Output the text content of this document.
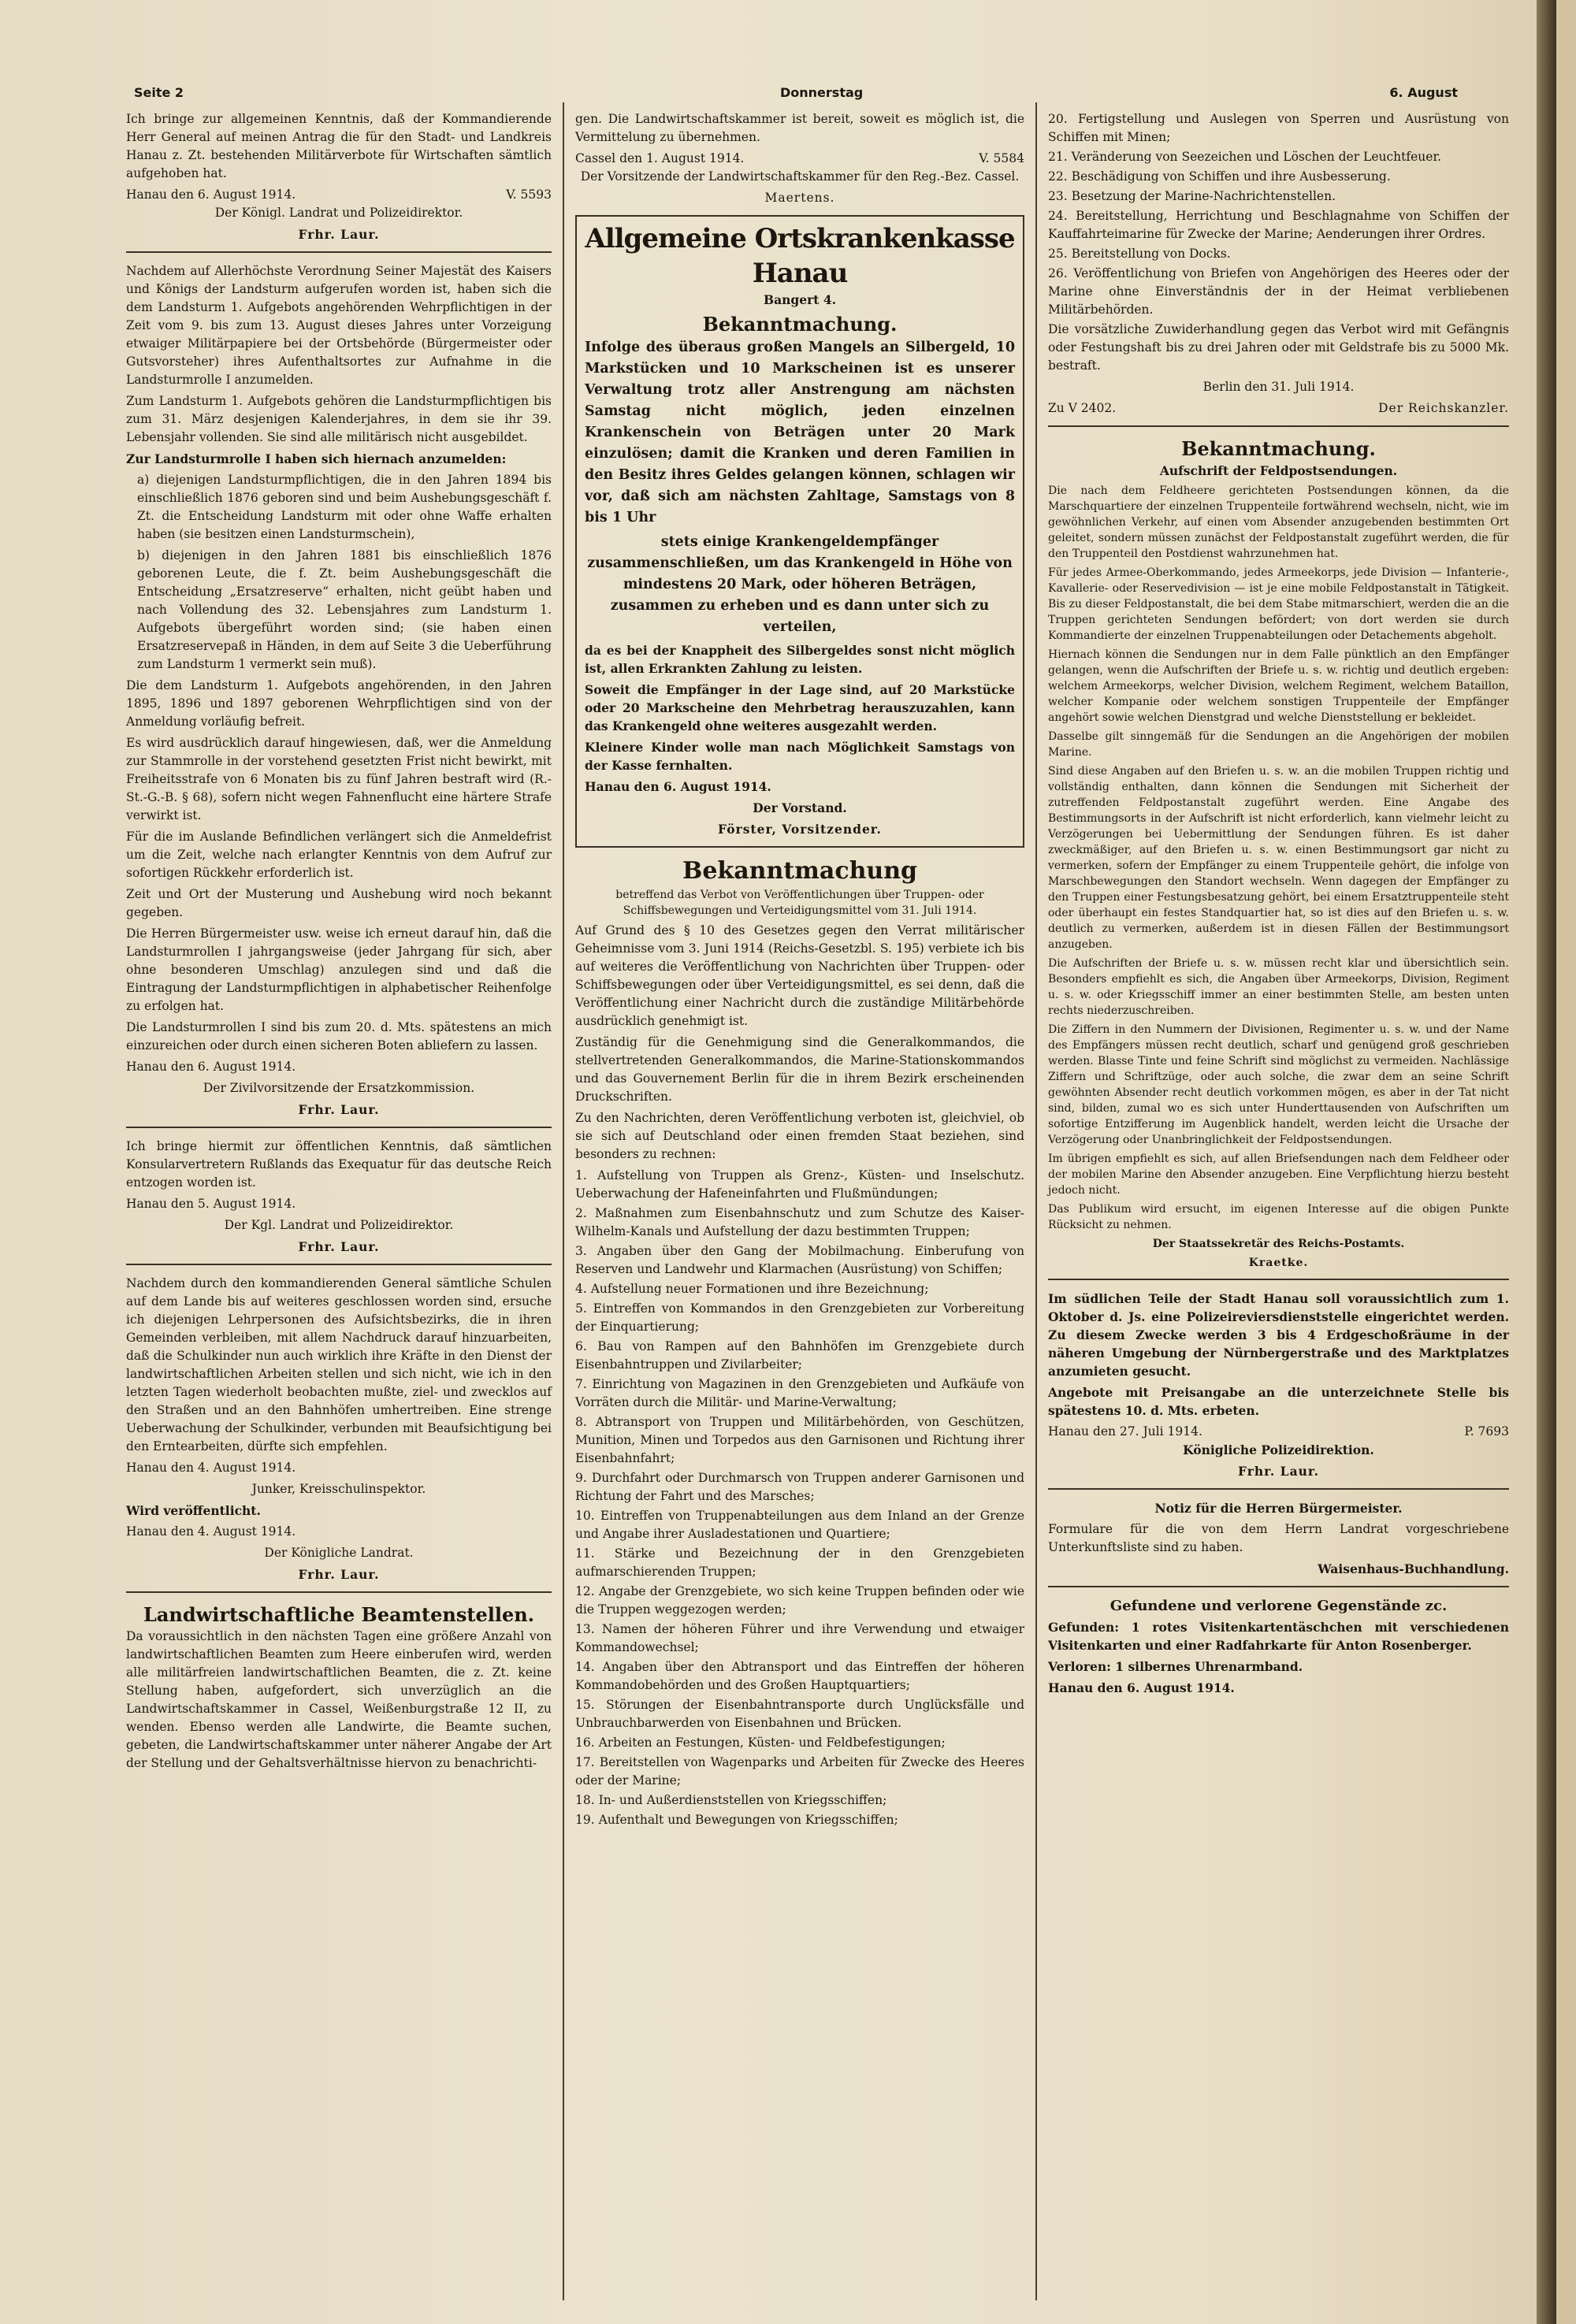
Seite 2	Donnerstag	6. August

Ich bringe zur allgemeinen Kenntnis, daß der Kommandierende Herr General auf meinen Antrag die für den Stadt- und Landkreis Hanau z. Zt. bestehenden Militärverbote für Wirtschaften sämtlich aufgehoben hat.

Hanau den 6. August 1914.	V. 5593

Der Königl. Landrat und Polizeidirektor.

Frhr. Laur.

Nachdem auf Allerhöchste Verordnung Seiner Majestät des Kaisers und Königs der Landsturm aufgerufen worden ist, haben sich die dem Landsturm 1. Aufgebots angehörenden Wehrpflichtigen in der Zeit vom 9. bis zum 13. August dieses Jahres unter Vorzeigung etwaiger Militärpapiere bei der Ortsbehörde (Bürgermeister oder Gutsvorsteher) ihres Aufenthaltsortes zur Aufnahme in die Landsturmrolle I anzumelden.

Zum Landsturm 1. Aufgebots gehören die Landsturmpflichtigen bis zum 31. März desjenigen Kalenderjahres, in dem sie ihr 39. Lebensjahr vollenden. Sie sind alle militärisch nicht ausgebildet.

Zur Landsturmrolle I haben sich hiernach anzumelden:

a) diejenigen Landsturmpflichtigen, die in den Jahren 1894 bis einschließlich 1876 geboren sind und beim Aushebungsgeschäft f. Zt. die Entscheidung Landsturm mit oder ohne Waffe erhalten haben (sie besitzen einen Landsturmschein),

b) diejenigen in den Jahren 1881 bis einschließlich 1876 geborenen Leute, die f. Zt. beim Aushebungsgeschäft die Entscheidung „Ersatzreserve“ erhalten, nicht geübt haben und nach Vollendung des 32. Lebensjahres zum Landsturm 1. Aufgebots übergeführt worden sind; (sie haben einen Ersatzreservepaß in Händen, in dem auf Seite 3 die Ueberführung zum Landsturm 1 vermerkt sein muß).

Die dem Landsturm 1. Aufgebots angehörenden, in den Jahren 1895, 1896 und 1897 geborenen Wehrpflichtigen sind von der Anmeldung vorläufig befreit.

Es wird ausdrücklich darauf hingewiesen, daß, wer die Anmeldung zur Stammrolle in der vorstehend gesetzten Frist nicht bewirkt, mit Freiheitsstrafe von 6 Monaten bis zu fünf Jahren bestraft wird (R.-St.-G.-B. § 68), sofern nicht wegen Fahnenflucht eine härtere Strafe verwirkt ist.

Für die im Auslande Befindlichen verlängert sich die Anmeldefrist um die Zeit, welche nach erlangter Kenntnis von dem Aufruf zur sofortigen Rückkehr erforderlich ist.

Zeit und Ort der Musterung und Aushebung wird noch bekannt gegeben.

Die Herren Bürgermeister usw. weise ich erneut darauf hin, daß die Landsturmrollen I jahrgangsweise (jeder Jahrgang für sich, aber ohne besonderen Umschlag) anzulegen sind und daß die Eintragung der Landsturmpflichtigen in alphabetischer Reihenfolge zu erfolgen hat.

Die Landsturmrollen I sind bis zum 20. d. Mts. spätestens an mich einzureichen oder durch einen sicheren Boten abliefern zu lassen.

Hanau den 6. August 1914.

Der Zivilvorsitzende der Ersatzkommission.

Frhr. Laur.

Ich bringe hiermit zur öffentlichen Kenntnis, daß sämtlichen Konsularvertretern Rußlands das Exequatur für das deutsche Reich entzogen worden ist.

Hanau den 5. August 1914.

Der Kgl. Landrat und Polizeidirektor.

Frhr. Laur.

Nachdem durch den kommandierenden General sämtliche Schulen auf dem Lande bis auf weiteres geschlossen worden sind, ersuche ich diejenigen Lehrpersonen des Aufsichtsbezirks, die in ihren Gemeinden verbleiben, mit allem Nachdruck darauf hinzuarbeiten, daß die Schulkinder nun auch wirklich ihre Kräfte in den Dienst der landwirtschaftlichen Arbeiten stellen und sich nicht, wie ich in den letzten Tagen wiederholt beobachten mußte, ziel- und zwecklos auf den Straßen und an den Bahnhöfen umhertreiben. Eine strenge Ueberwachung der Schulkinder, verbunden mit Beaufsichtigung bei den Erntearbeiten, dürfte sich empfehlen.

Hanau den 4. August 1914.

Junker, Kreisschulinspektor.

Wird veröffentlicht.

Hanau den 4. August 1914.

Der Königliche Landrat.

Frhr. Laur.

Landwirtschaftliche Beamtenstellen.

Da voraussichtlich in den nächsten Tagen eine größere Anzahl von landwirtschaftlichen Beamten zum Heere einberufen wird, werden alle militärfreien landwirtschaftlichen Beamten, die z. Zt. keine Stellung haben, aufgefordert, sich unverzüglich an die Landwirtschaftskammer in Cassel, Weißenburgstraße 12 II, zu wenden. Ebenso werden alle Landwirte, die Beamte suchen, gebeten, die Landwirtschaftskammer unter näherer Angabe der Art der Stellung und der Gehaltsverhältnisse hiervon zu benachrichti-

gen. Die Landwirtschaftskammer ist bereit, soweit es möglich ist, die Vermittelung zu übernehmen.

Cassel den 1. August 1914.	V. 5584

Der Vorsitzende der Landwirtschaftskammer für den Reg.-Bez. Cassel.

Maertens.

Allgemeine Ortskrankenkasse Hanau

Bangert 4.

Bekanntmachung.

Infolge des überaus großen Mangels an Silbergeld, 10 Markstücken und 10 Markscheinen ist es unserer Verwaltung trotz aller Anstrengung am nächsten Samstag nicht möglich, jeden einzelnen Krankenschein von Beträgen unter 20 Mark einzulösen; damit die Kranken und deren Familien in den Besitz ihres Geldes gelangen können, schlagen wir vor, daß sich am nächsten Zahltage, Samstags von 8 bis 1 Uhr

stets einige Krankengeldempfänger zusammenschließen, um das Krankengeld in Höhe von mindestens 20 Mark, oder höheren Beträgen, zusammen zu erheben und es dann unter sich zu verteilen,

da es bei der Knappheit des Silbergeldes sonst nicht möglich ist, allen Erkrankten Zahlung zu leisten.

Soweit die Empfänger in der Lage sind, auf 20 Markstücke oder 20 Markscheine den Mehrbetrag herauszuzahlen, kann das Krankengeld ohne weiteres ausgezahlt werden.

Kleinere Kinder wolle man nach Möglichkeit Samstags von der Kasse fernhalten.

Hanau den 6. August 1914.

Der Vorstand.

Förster, Vorsitzender.

Bekanntmachung

betreffend das Verbot von Veröffentlichungen über Truppen- oder Schiffsbewegungen und Verteidigungsmittel vom 31. Juli 1914.

Auf Grund des § 10 des Gesetzes gegen den Verrat militärischer Geheimnisse vom 3. Juni 1914 (Reichs-Gesetzbl. S. 195) verbiete ich bis auf weiteres die Veröffentlichung von Nachrichten über Truppen- oder Schiffsbewegungen oder über Verteidigungsmittel, es sei denn, daß die Veröffentlichung einer Nachricht durch die zuständige Militärbehörde ausdrücklich genehmigt ist.

Zuständig für die Genehmigung sind die Generalkommandos, die stellvertretenden Generalkommandos, die Marine-Stationskommandos und das Gouvernement Berlin für die in ihrem Bezirk erscheinenden Druckschriften.

Zu den Nachrichten, deren Veröffentlichung verboten ist, gleichviel, ob sie sich auf Deutschland oder einen fremden Staat beziehen, sind besonders zu rechnen:

1. Aufstellung von Truppen als Grenz-, Küsten- und Inselschutz. Ueberwachung der Hafeneinfahrten und Flußmündungen;
2. Maßnahmen zum Eisenbahnschutz und zum Schutze des Kaiser-Wilhelm-Kanals und Aufstellung der dazu bestimmten Truppen;
3. Angaben über den Gang der Mobilmachung. Einberufung von Reserven und Landwehr und Klarmachen (Ausrüstung) von Schiffen;
4. Aufstellung neuer Formationen und ihre Bezeichnung;
5. Eintreffen von Kommandos in den Grenzgebieten zur Vorbereitung der Einquartierung;
6. Bau von Rampen auf den Bahnhöfen im Grenzgebiete durch Eisenbahntruppen und Zivilarbeiter;
7. Einrichtung von Magazinen in den Grenzgebieten und Aufkäufe von Vorräten durch die Militär- und Marine-Verwaltung;
8. Abtransport von Truppen und Militärbehörden, von Geschützen, Munition, Minen und Torpedos aus den Garnisonen und Richtung ihrer Eisenbahnfahrt;
9. Durchfahrt oder Durchmarsch von Truppen anderer Garnisonen und Richtung der Fahrt und des Marsches;
10. Eintreffen von Truppenabteilungen aus dem Inland an der Grenze und Angabe ihrer Ausladestationen und Quartiere;
11. Stärke und Bezeichnung der in den Grenzgebieten aufmarschierenden Truppen;
12. Angabe der Grenzgebiete, wo sich keine Truppen befinden oder wie die Truppen weggezogen werden;
13. Namen der höheren Führer und ihre Verwendung und etwaiger Kommandowechsel;
14. Angaben über den Abtransport und das Eintreffen der höheren Kommandobehörden und des Großen Hauptquartiers;
15. Störungen der Eisenbahntransporte durch Unglücksfälle und Unbrauchbarwerden von Eisenbahnen und Brücken.
16. Arbeiten an Festungen, Küsten- und Feldbefestigungen;
17. Bereitstellen von Wagenparks und Arbeiten für Zwecke des Heeres oder der Marine;
18. In- und Außerdienststellen von Kriegsschiffen;
19. Aufenthalt und Bewegungen von Kriegsschiffen;
20. Fertigstellung und Auslegen von Sperren und Ausrüstung von Schiffen mit Minen;
21. Veränderung von Seezeichen und Löschen der Leuchtfeuer.
22. Beschädigung von Schiffen und ihre Ausbesserung.
23. Besetzung der Marine-Nachrichtenstellen.
24. Bereitstellung, Herrichtung und Beschlagnahme von Schiffen der Kauffahrteimarine für Zwecke der Marine; Aenderungen ihrer Ordres.
25. Bereitstellung von Docks.
26. Veröffentlichung von Briefen von Angehörigen des Heeres oder der Marine ohne Einverständnis der in der Heimat verbliebenen Militärbehörden.

Die vorsätzliche Zuwiderhandlung gegen das Verbot wird mit Gefängnis oder Festungshaft bis zu drei Jahren oder mit Geldstrafe bis zu 5000 Mk. bestraft.

Berlin den 31. Juli 1914.

Zu V 2402.	Der Reichskanzler.
Bekanntmachung.

Aufschrift der Feldpostsendungen.

Die nach dem Feldheere gerichteten Postsendungen können, da die Marschquartiere der einzelnen Truppenteile fortwährend wechseln, nicht, wie im gewöhnlichen Verkehr, auf einen vom Absender anzugebenden bestimmten Ort geleitet, sondern müssen zunächst der Feldpostanstalt zugeführt werden, die für den Truppenteil den Postdienst wahrzunehmen hat.

Für jedes Armee-Oberkommando, jedes Armeekorps, jede Division — Infanterie-, Kavallerie- oder Reservedivision — ist je eine mobile Feldpostanstalt in Tätigkeit. Bis zu dieser Feldpostanstalt, die bei dem Stabe mitmarschiert, werden die an die Truppen gerichteten Sendungen befördert; von dort werden sie durch Kommandierte der einzelnen Truppenabteilungen oder Detachements abgeholt.

Hiernach können die Sendungen nur in dem Falle pünktlich an den Empfänger gelangen, wenn die Aufschriften der Briefe u. s. w. richtig und deutlich ergeben: welchem Armeekorps, welcher Division, welchem Regiment, welchem Bataillon, welcher Kompanie oder welchem sonstigen Truppenteile der Empfänger angehört sowie welchen Dienstgrad und welche Dienststellung er bekleidet.

Dasselbe gilt sinngemäß für die Sendungen an die Angehörigen der mobilen Marine.

Sind diese Angaben auf den Briefen u. s. w. an die mobilen Truppen richtig und vollständig enthalten, dann können die Sendungen mit Sicherheit der zutreffenden Feldpostanstalt zugeführt werden. Eine Angabe des Bestimmungsorts in der Aufschrift ist nicht erforderlich, kann vielmehr leicht zu Verzögerungen bei Uebermittlung der Sendungen führen. Es ist daher zweckmäßiger, auf den Briefen u. s. w. einen Bestimmungsort gar nicht zu vermerken, sofern der Empfänger zu einem Truppenteile gehört, die infolge von Marschbewegungen den Standort wechseln. Wenn dagegen der Empfänger zu den Truppen einer Festungsbesatzung gehört, bei einem Ersatztruppenteile steht oder überhaupt ein festes Standquartier hat, so ist dies auf den Briefen u. s. w. deutlich zu vermerken, außerdem ist in diesen Fällen der Bestimmungsort anzugeben.

Die Aufschriften der Briefe u. s. w. müssen recht klar und übersichtlich sein. Besonders empfiehlt es sich, die Angaben über Armeekorps, Division, Regiment u. s. w. oder Kriegsschiff immer an einer bestimmten Stelle, am besten unten rechts niederzuschreiben.

Die Ziffern in den Nummern der Divisionen, Regimenter u. s. w. und der Name des Empfängers müssen recht deutlich, scharf und genügend groß geschrieben werden. Blasse Tinte und feine Schrift sind möglichst zu vermeiden. Nachlässige Ziffern und Schriftzüge, oder auch solche, die zwar dem an seine Schrift gewöhnten Absender recht deutlich vorkommen mögen, es aber in der Tat nicht sind, bilden, zumal wo es sich unter Hunderttausenden von Aufschriften um sofortige Entzifferung im Augenblick handelt, werden leicht die Ursache der Verzögerung oder Unanbringlichkeit der Feldpostsendungen.

Im übrigen empfiehlt es sich, auf allen Briefsendungen nach dem Feldheer oder der mobilen Marine den Absender anzugeben. Eine Verpflichtung hierzu besteht jedoch nicht.

Das Publikum wird ersucht, im eigenen Interesse auf die obigen Punkte Rücksicht zu nehmen.

Der Staatssekretär des Reichs-Postamts.

Kraetke.

Im südlichen Teile der Stadt Hanau soll voraussichtlich zum 1. Oktober d. Js. eine Polizeireviersdienststelle eingerichtet werden. Zu diesem Zwecke werden 3 bis 4 Erdgeschoßräume in der näheren Umgebung der Nürnbergerstraße und des Marktplatzes anzumieten gesucht.

Angebote mit Preisangabe an die unterzeichnete Stelle bis spätestens 10. d. Mts. erbeten.

Hanau den 27. Juli 1914.	P. 7693

Königliche Polizeidirektion.

Frhr. Laur.

Notiz für die Herren Bürgermeister.

Formulare für die von dem Herrn Landrat vorgeschriebene Unterkunftsliste sind zu haben.

Waisenhaus-Buchhandlung.

Gefundene und verlorene Gegenstände zc.

Gefunden: 1 rotes Visitenkartentäschchen mit verschiedenen Visitenkarten und einer Radfahrkarte für Anton Rosenberger.

Verloren: 1 silbernes Uhrenarmband.

Hanau den 6. August 1914.
